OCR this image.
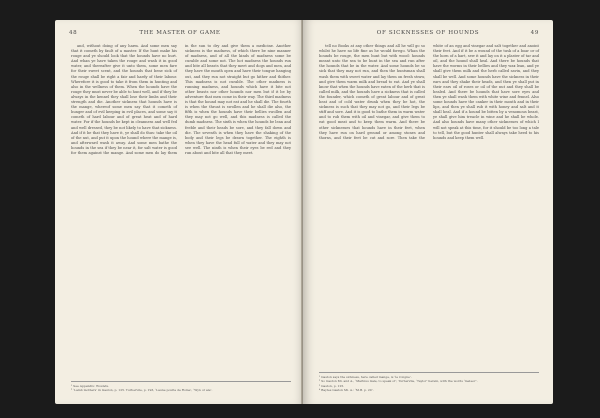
48	THE MASTER OF GAME

and, without doing of any harm. And some men say that it cometh by fault of a master. If the hunt make his rouge and ye should look that the hounds have no hurt. And whan ye have taken the rouge and wash it in good water, and thereafter give it unto them, some men fare for their sweet scent, and the hounds that bene sick of the rouge shall be right a fair and hardy of their labour. Wherefore it is good to take it from them in hunting and also in the wellness of them. When the hounds have the rouge they must never be able to hunt well, and if they be always in the kennel they shall lose their limbs and their strength and die. Another sickness that hounds have is the mange, whereof some men say that it cometh of hunger and of evil keeping in evil places, and some say it cometh of hard labour and of great heat and of hard water. For if the hounds be kept in cleanness and well fed and well dressed, they be not likely to have that sickness. And if it be that they have it, ye shall do thus: take the oil of the nut, and put it upon the hound where the mange is, and afterward wash it away. And some men bathe the hounds in the sea if they be near it, for salt water is good for them against the mange. And some men do lay them in the sun to dry and give them a medicine. Another sickness is the madness, of which there be nine manner of madness, and of all the kinds of madness some be curable and some not. The hot madness the hounds run and bite all beasts that they meet and dogs and men, and they have the mouth open and have their tongue hanging out, and they run not straight but go hither and thither. This madness is not curable. The other madness is running madness, and hounds which have it bite not other beasts nor other hounds nor men but if it be by adventure that men come in their way. The third madness is that the hound may not eat and he shall die. The fourth is when the throat is swollen and he shall die also, the fifth is when the hounds have their bellies swollen and they may not go well, and this madness is called the dumb madness. The sixth is when the hounds be lean and feeble and their heads be sore, and they fall down and die. The seventh is when they have the shaking of the body and their legs be drawn together. The eighth is when they have the head full of water and they may not see well. The ninth is when their eyes be red and they run about and bite all that they meet.

¹ See Appendix: Wounds.
² ‘Lamb mothers’ in Gaston, p. 125. Turbervile, p. 193, ‘Laune poulte de Rome’, ‘Wyn or ale’.
OF SICKNESSES OF HOUNDS	49

tell no Books at any other things and all he will go so whilst he have no life fine as he would forego. Whan the hounds be rouge, the men hunt but with wood: hounds meant unto the sea to be hunt in the sea and run after the hounds that be in the water. And some hounds be so sick that they may not run, and then the huntsman shall wash them with sweet water and lay them on fresh straw, and give them warm milk and bread to eat. And ye shall know that when the hounds have eaten of the herb that is called milk, and the hounds have a sickness that is called the founder, which cometh of great labour and of great heat and of cold water drunk when they be hot, the sickness is such that they may not go, and their legs be stiff and sore. And it is good to bathe them in warm water and to rub them with oil and vinegar, and give them to eat good meat and to keep them warm. And there be other sicknesses that hounds have in their feet, when they have run on hard ground or among stones and thorns, and their feet be cut and sore. Then take the white of an egg and vinegar and salt together and anoint their feet. And if it be a wound of the tusk of a boar or of the horn of a hart, sew it and lay on it a plaster of tar and oil, and the hound shall heal. And there be hounds that have the worms in their bellies and they wax lean, and ye shall give them milk and the herb called savin, and they shall be well. And some hounds have the sickness in their ears and they shake their heads, and then ye shall put in their ears oil of roses or oil of the nut and they shall be healed. And there be hounds that have sore eyes and then ye shall wash them with white wine and fennel. Also some hounds have the canker in their mouth and in their lips, and then ye shall rub it with honey and salt and it shall heal. And if a hound be bitten by a venomous beast, ye shall give him treacle in wine and he shall be whole. And also hounds have many other sicknesses of which I will not speak at this time, for it should be too long a tale to tell, but the good hunter shall always take heed to his hounds and keep them well.

¹ Gaston says the sickness, here called mange, is ‘le rongne’.
² So Gaston Mi. and A., ‘Marinus Gale, to speak of’, Turbervile, ‘Taylor’ herein, with the words ‘meteor’.
³ Gaston, p. 125.
⁴ Baytes Gaston Mi. A.: ‘M.B. p. 20’.
